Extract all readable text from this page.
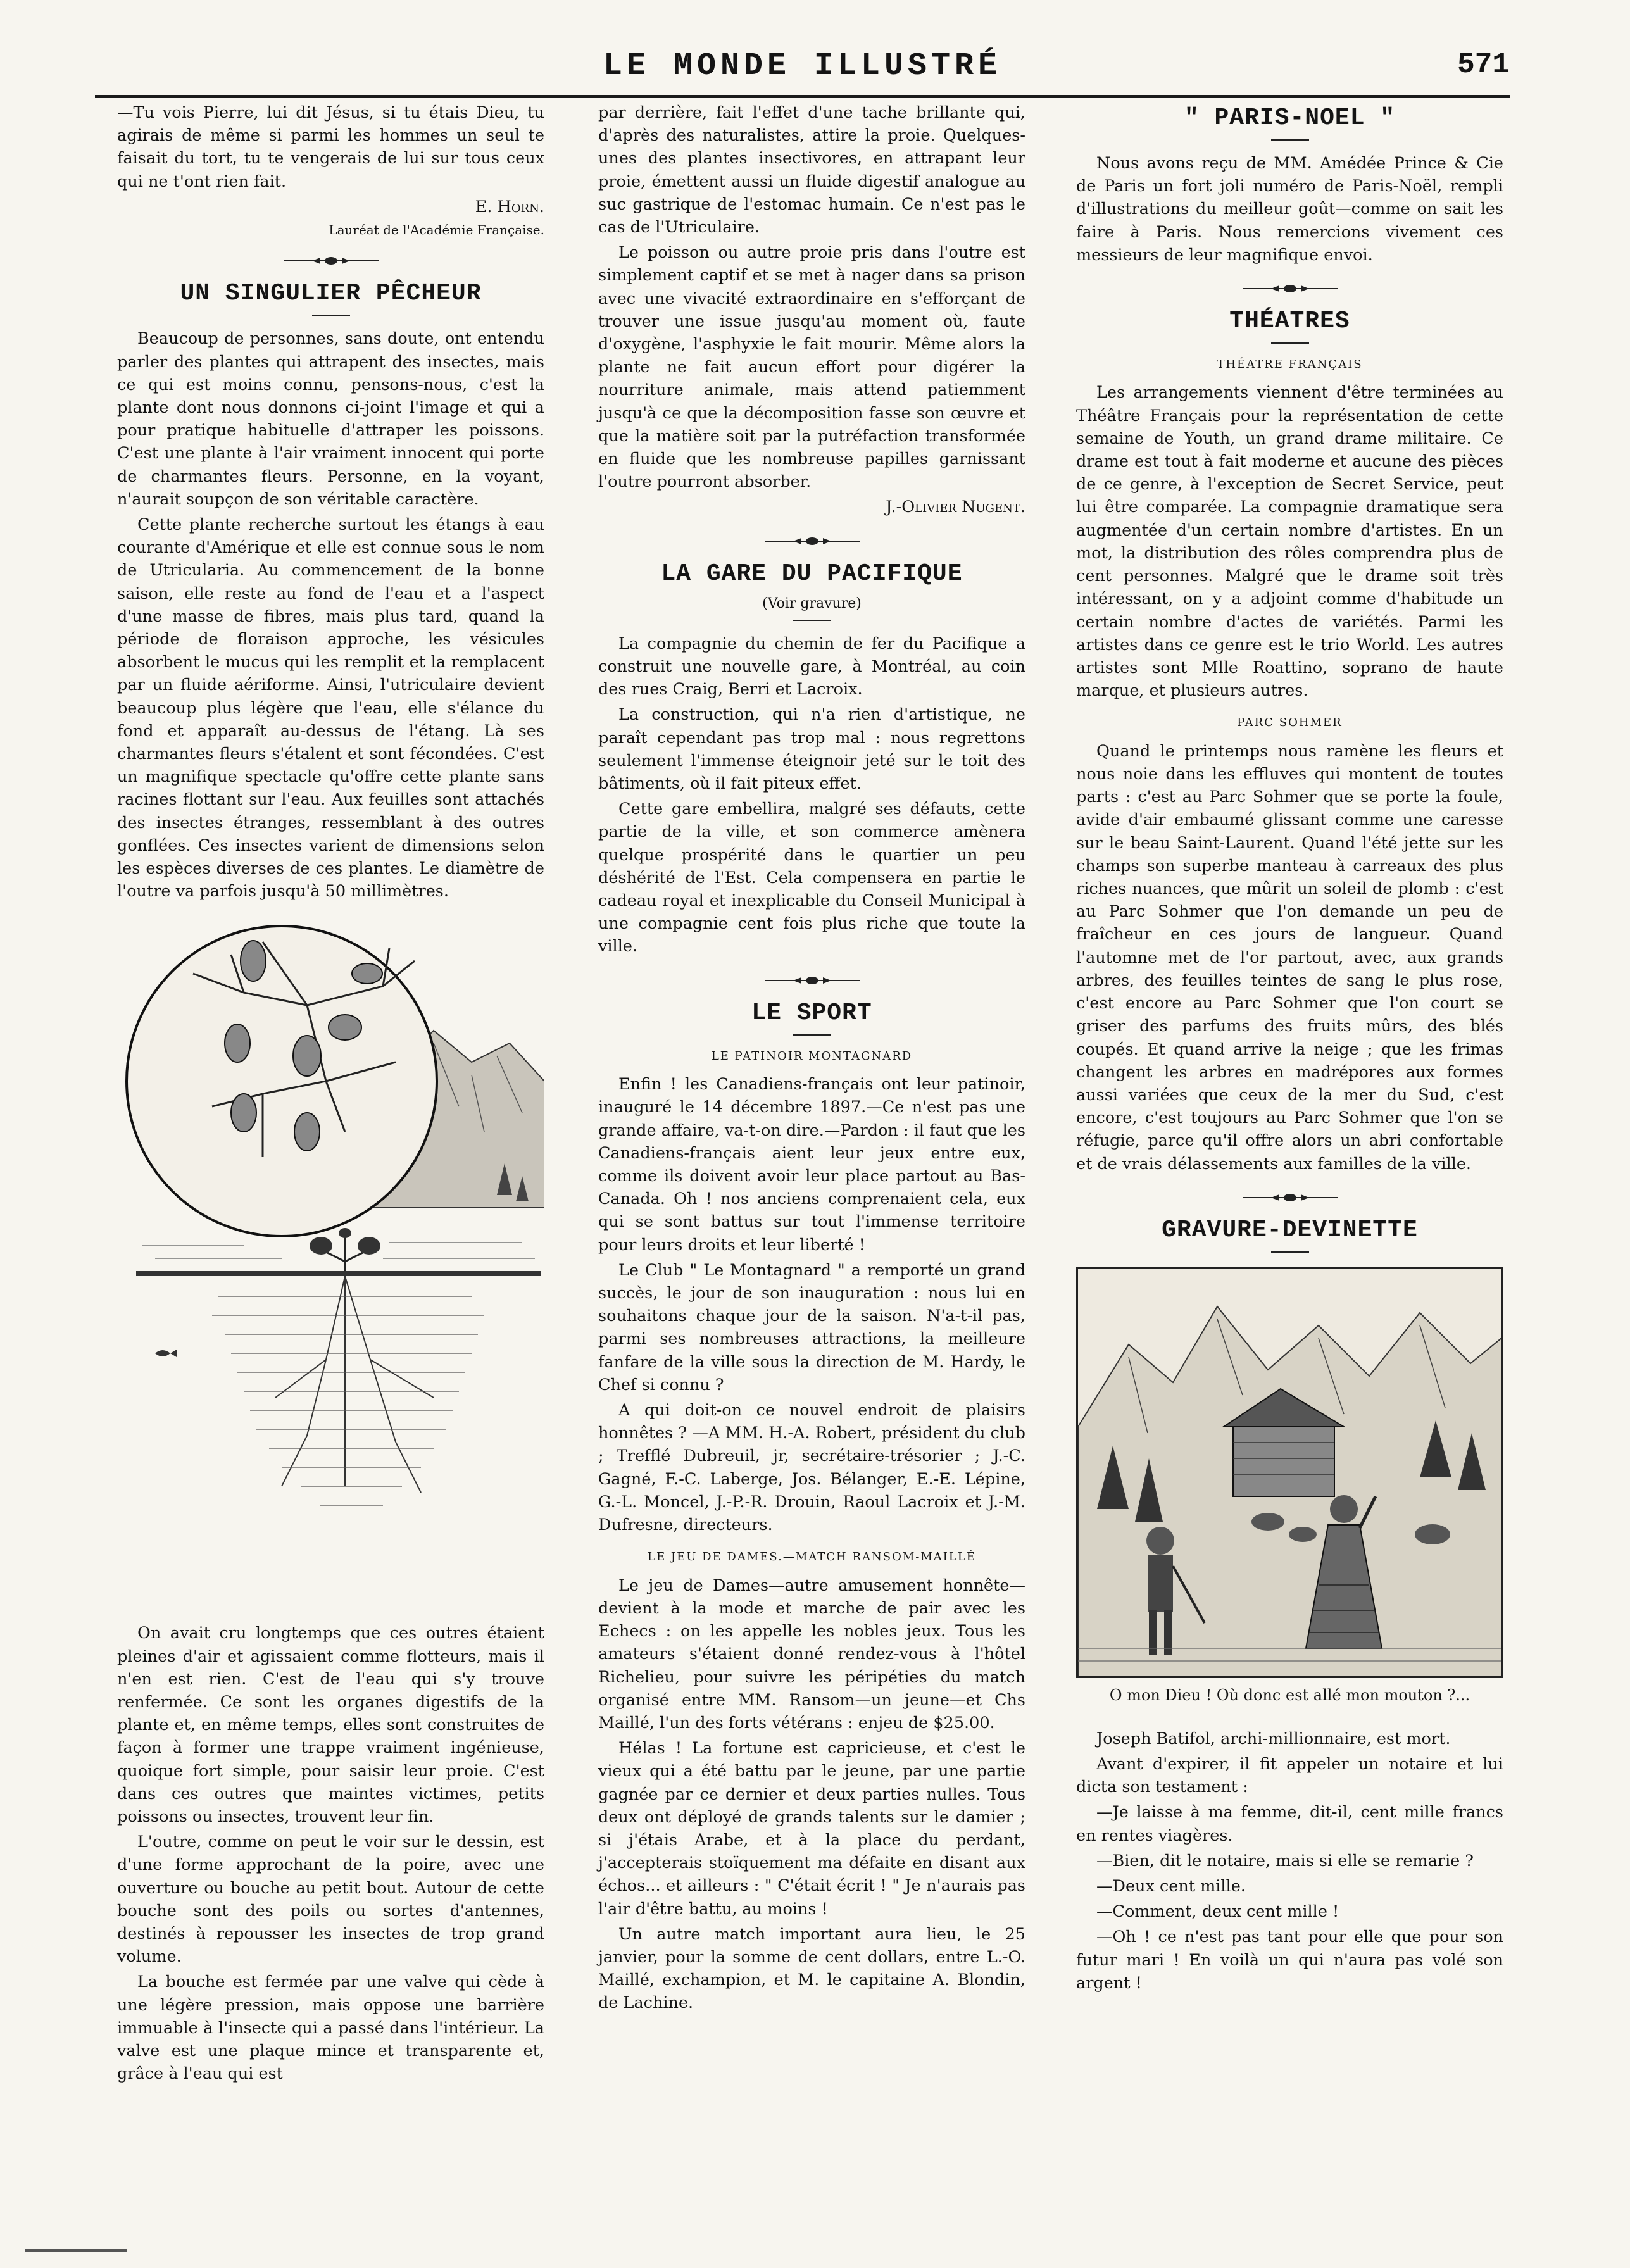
LE MONDE ILLUSTRÉ	571

—Tu vois Pierre, lui dit Jésus, si tu étais Dieu, tu agirais de même si parmi les hommes un seul te faisait du tort, tu te vengerais de lui sur tous ceux qui ne t'ont rien fait.

E. Horn.

Lauréat de l'Académie Française.

UN SINGULIER PÊCHEUR

Beaucoup de personnes, sans doute, ont entendu parler des plantes qui attrapent des insectes, mais ce qui est moins connu, pensons-nous, c'est la plante dont nous donnons ci-joint l'image et qui a pour pratique habituelle d'attraper les poissons. C'est une plante à l'air vraiment innocent qui porte de charmantes fleurs. Personne, en la voyant, n'aurait soupçon de son véritable caractère.

Cette plante recherche surtout les étangs à eau courante d'Amérique et elle est connue sous le nom de Utricularia. Au commencement de la bonne saison, elle reste au fond de l'eau et a l'aspect d'une masse de fibres, mais plus tard, quand la période de floraison approche, les vésicules absorbent le mucus qui les remplit et la remplacent par un fluide aériforme. Ainsi, l'utriculaire devient beaucoup plus légère que l'eau, elle s'élance du fond et apparaît au-dessus de l'étang. Là ses charmantes fleurs s'étalent et sont fécondées. C'est un magnifique spectacle qu'offre cette plante sans racines flottant sur l'eau. Aux feuilles sont attachés des insectes étranges, ressemblant à des outres gonflées. Ces insectes varient de dimensions selon les espèces diverses de ces plantes. Le diamètre de l'outre va parfois jusqu'à 50 millimètres.

On avait cru longtemps que ces outres étaient pleines d'air et agissaient comme flotteurs, mais il n'en est rien. C'est de l'eau qui s'y trouve renfermée. Ce sont les organes digestifs de la plante et, en même temps, elles sont construites de façon à former une trappe vraiment ingénieuse, quoique fort simple, pour saisir leur proie. C'est dans ces outres que maintes victimes, petits poissons ou insectes, trouvent leur fin.

L'outre, comme on peut le voir sur le dessin, est d'une forme approchant de la poire, avec une ouverture ou bouche au petit bout. Autour de cette bouche sont des poils ou sortes d'antennes, destinés à repousser les insectes de trop grand volume.

La bouche est fermée par une valve qui cède à une légère pression, mais oppose une barrière immuable à l'insecte qui a passé dans l'intérieur. La valve est une plaque mince et transparente et, grâce à l'eau qui est

par derrière, fait l'effet d'une tache brillante qui, d'après des naturalistes, attire la proie. Quelques-unes des plantes insectivores, en attrapant leur proie, émettent aussi un fluide digestif analogue au suc gastrique de l'estomac humain. Ce n'est pas le cas de l'Utriculaire.

Le poisson ou autre proie pris dans l'outre est simplement captif et se met à nager dans sa prison avec une vivacité extraordinaire en s'efforçant de trouver une issue jusqu'au moment où, faute d'oxygène, l'asphyxie le fait mourir. Même alors la plante ne fait aucun effort pour digérer la nourriture animale, mais attend patiemment jusqu'à ce que la décomposition fasse son œuvre et que la matière soit par la putréfaction transformée en fluide que les nombreuse papilles garnissant l'outre pourront absorber.

J.-Olivier Nugent.

LA GARE DU PACIFIQUE
(Voir gravure)

La compagnie du chemin de fer du Pacifique a construit une nouvelle gare, à Montréal, au coin des rues Craig, Berri et Lacroix.

La construction, qui n'a rien d'artistique, ne paraît cependant pas trop mal : nous regrettons seulement l'immense éteignoir jeté sur le toit des bâtiments, où il fait piteux effet.

Cette gare embellira, malgré ses défauts, cette partie de la ville, et son commerce amènera quelque prospérité dans le quartier un peu déshérité de l'Est. Cela compensera en partie le cadeau royal et inexplicable du Conseil Municipal à une compagnie cent fois plus riche que toute la ville.

LE SPORT
LE PATINOIR MONTAGNARD

Enfin ! les Canadiens-français ont leur patinoir, inauguré le 14 décembre 1897.—Ce n'est pas une grande affaire, va-t-on dire.—Pardon : il faut que les Canadiens-français aient leur jeux entre eux, comme ils doivent avoir leur place partout au Bas-Canada. Oh ! nos anciens comprenaient cela, eux qui se sont battus sur tout l'immense territoire pour leurs droits et leur liberté !

Le Club " Le Montagnard " a remporté un grand succès, le jour de son inauguration : nous lui en souhaitons chaque jour de la saison. N'a-t-il pas, parmi ses nombreuses attractions, la meilleure fanfare de la ville sous la direction de M. Hardy, le Chef si connu ?

A qui doit-on ce nouvel endroit de plaisirs honnêtes ? —A MM. H.-A. Robert, président du club ; Trefflé Dubreuil, jr, secrétaire-trésorier ; J.-C. Gagné, F.-C. Laberge, Jos. Bélanger, E.-E. Lépine, G.-L. Moncel, J.-P.-R. Drouin, Raoul Lacroix et J.-M. Dufresne, directeurs.

LE JEU DE DAMES.—MATCH RANSOM-MAILLÉ

Le jeu de Dames—autre amusement honnête—devient à la mode et marche de pair avec les Echecs : on les appelle les nobles jeux. Tous les amateurs s'étaient donné rendez-vous à l'hôtel Richelieu, pour suivre les péripéties du match organisé entre MM. Ransom—un jeune—et Chs Maillé, l'un des forts vétérans : enjeu de $25.00.

Hélas ! La fortune est capricieuse, et c'est le vieux qui a été battu par le jeune, par une partie gagnée par ce dernier et deux parties nulles. Tous deux ont déployé de grands talents sur le damier ; si j'étais Arabe, et à la place du perdant, j'accepterais stoïquement ma défaite en disant aux échos... et ailleurs : " C'était écrit ! " Je n'aurais pas l'air d'être battu, au moins !

Un autre match important aura lieu, le 25 janvier, pour la somme de cent dollars, entre L.-O. Maillé, exchampion, et M. le capitaine A. Blondin, de Lachine.

" PARIS-NOEL "

Nous avons reçu de MM. Amédée Prince & Cie de Paris un fort joli numéro de Paris-Noël, rempli d'illustrations du meilleur goût—comme on sait les faire à Paris. Nous remercions vivement ces messieurs de leur magnifique envoi.

THÉATRES
THÉATRE FRANÇAIS

Les arrangements viennent d'être terminées au Théâtre Français pour la représentation de cette semaine de Youth, un grand drame militaire. Ce drame est tout à fait moderne et aucune des pièces de ce genre, à l'exception de Secret Service, peut lui être comparée. La compagnie dramatique sera augmentée d'un certain nombre d'artistes. En un mot, la distribution des rôles comprendra plus de cent personnes. Malgré que le drame soit très intéressant, on y a adjoint comme d'habitude un certain nombre d'actes de variétés. Parmi les artistes dans ce genre est le trio World. Les autres artistes sont Mlle Roattino, soprano de haute marque, et plusieurs autres.

PARC SOHMER

Quand le printemps nous ramène les fleurs et nous noie dans les effluves qui montent de toutes parts : c'est au Parc Sohmer que se porte la foule, avide d'air embaumé glissant comme une caresse sur le beau Saint-Laurent. Quand l'été jette sur les champs son superbe manteau à carreaux des plus riches nuances, que mûrit un soleil de plomb : c'est au Parc Sohmer que l'on demande un peu de fraîcheur en ces jours de langueur. Quand l'automne met de l'or partout, avec, aux grands arbres, des feuilles teintes de sang le plus rose, c'est encore au Parc Sohmer que l'on court se griser des parfums des fruits mûrs, des blés coupés. Et quand arrive la neige ; que les frimas changent les arbres en madrépores aux formes aussi variées que ceux de la mer du Sud, c'est encore, c'est toujours au Parc Sohmer que l'on se réfugie, parce qu'il offre alors un abri confortable et de vrais délassements aux familles de la ville.

GRAVURE-DEVINETTE
O mon Dieu ! Où donc est allé mon mouton ?...

Joseph Batifol, archi-millionnaire, est mort.

Avant d'expirer, il fit appeler un notaire et lui dicta son testament :

—Je laisse à ma femme, dit-il, cent mille francs en rentes viagères.

—Bien, dit le notaire, mais si elle se remarie ?

—Deux cent mille.

—Comment, deux cent mille !

—Oh ! ce n'est pas tant pour elle que pour son futur mari ! En voilà un qui n'aura pas volé son argent !
